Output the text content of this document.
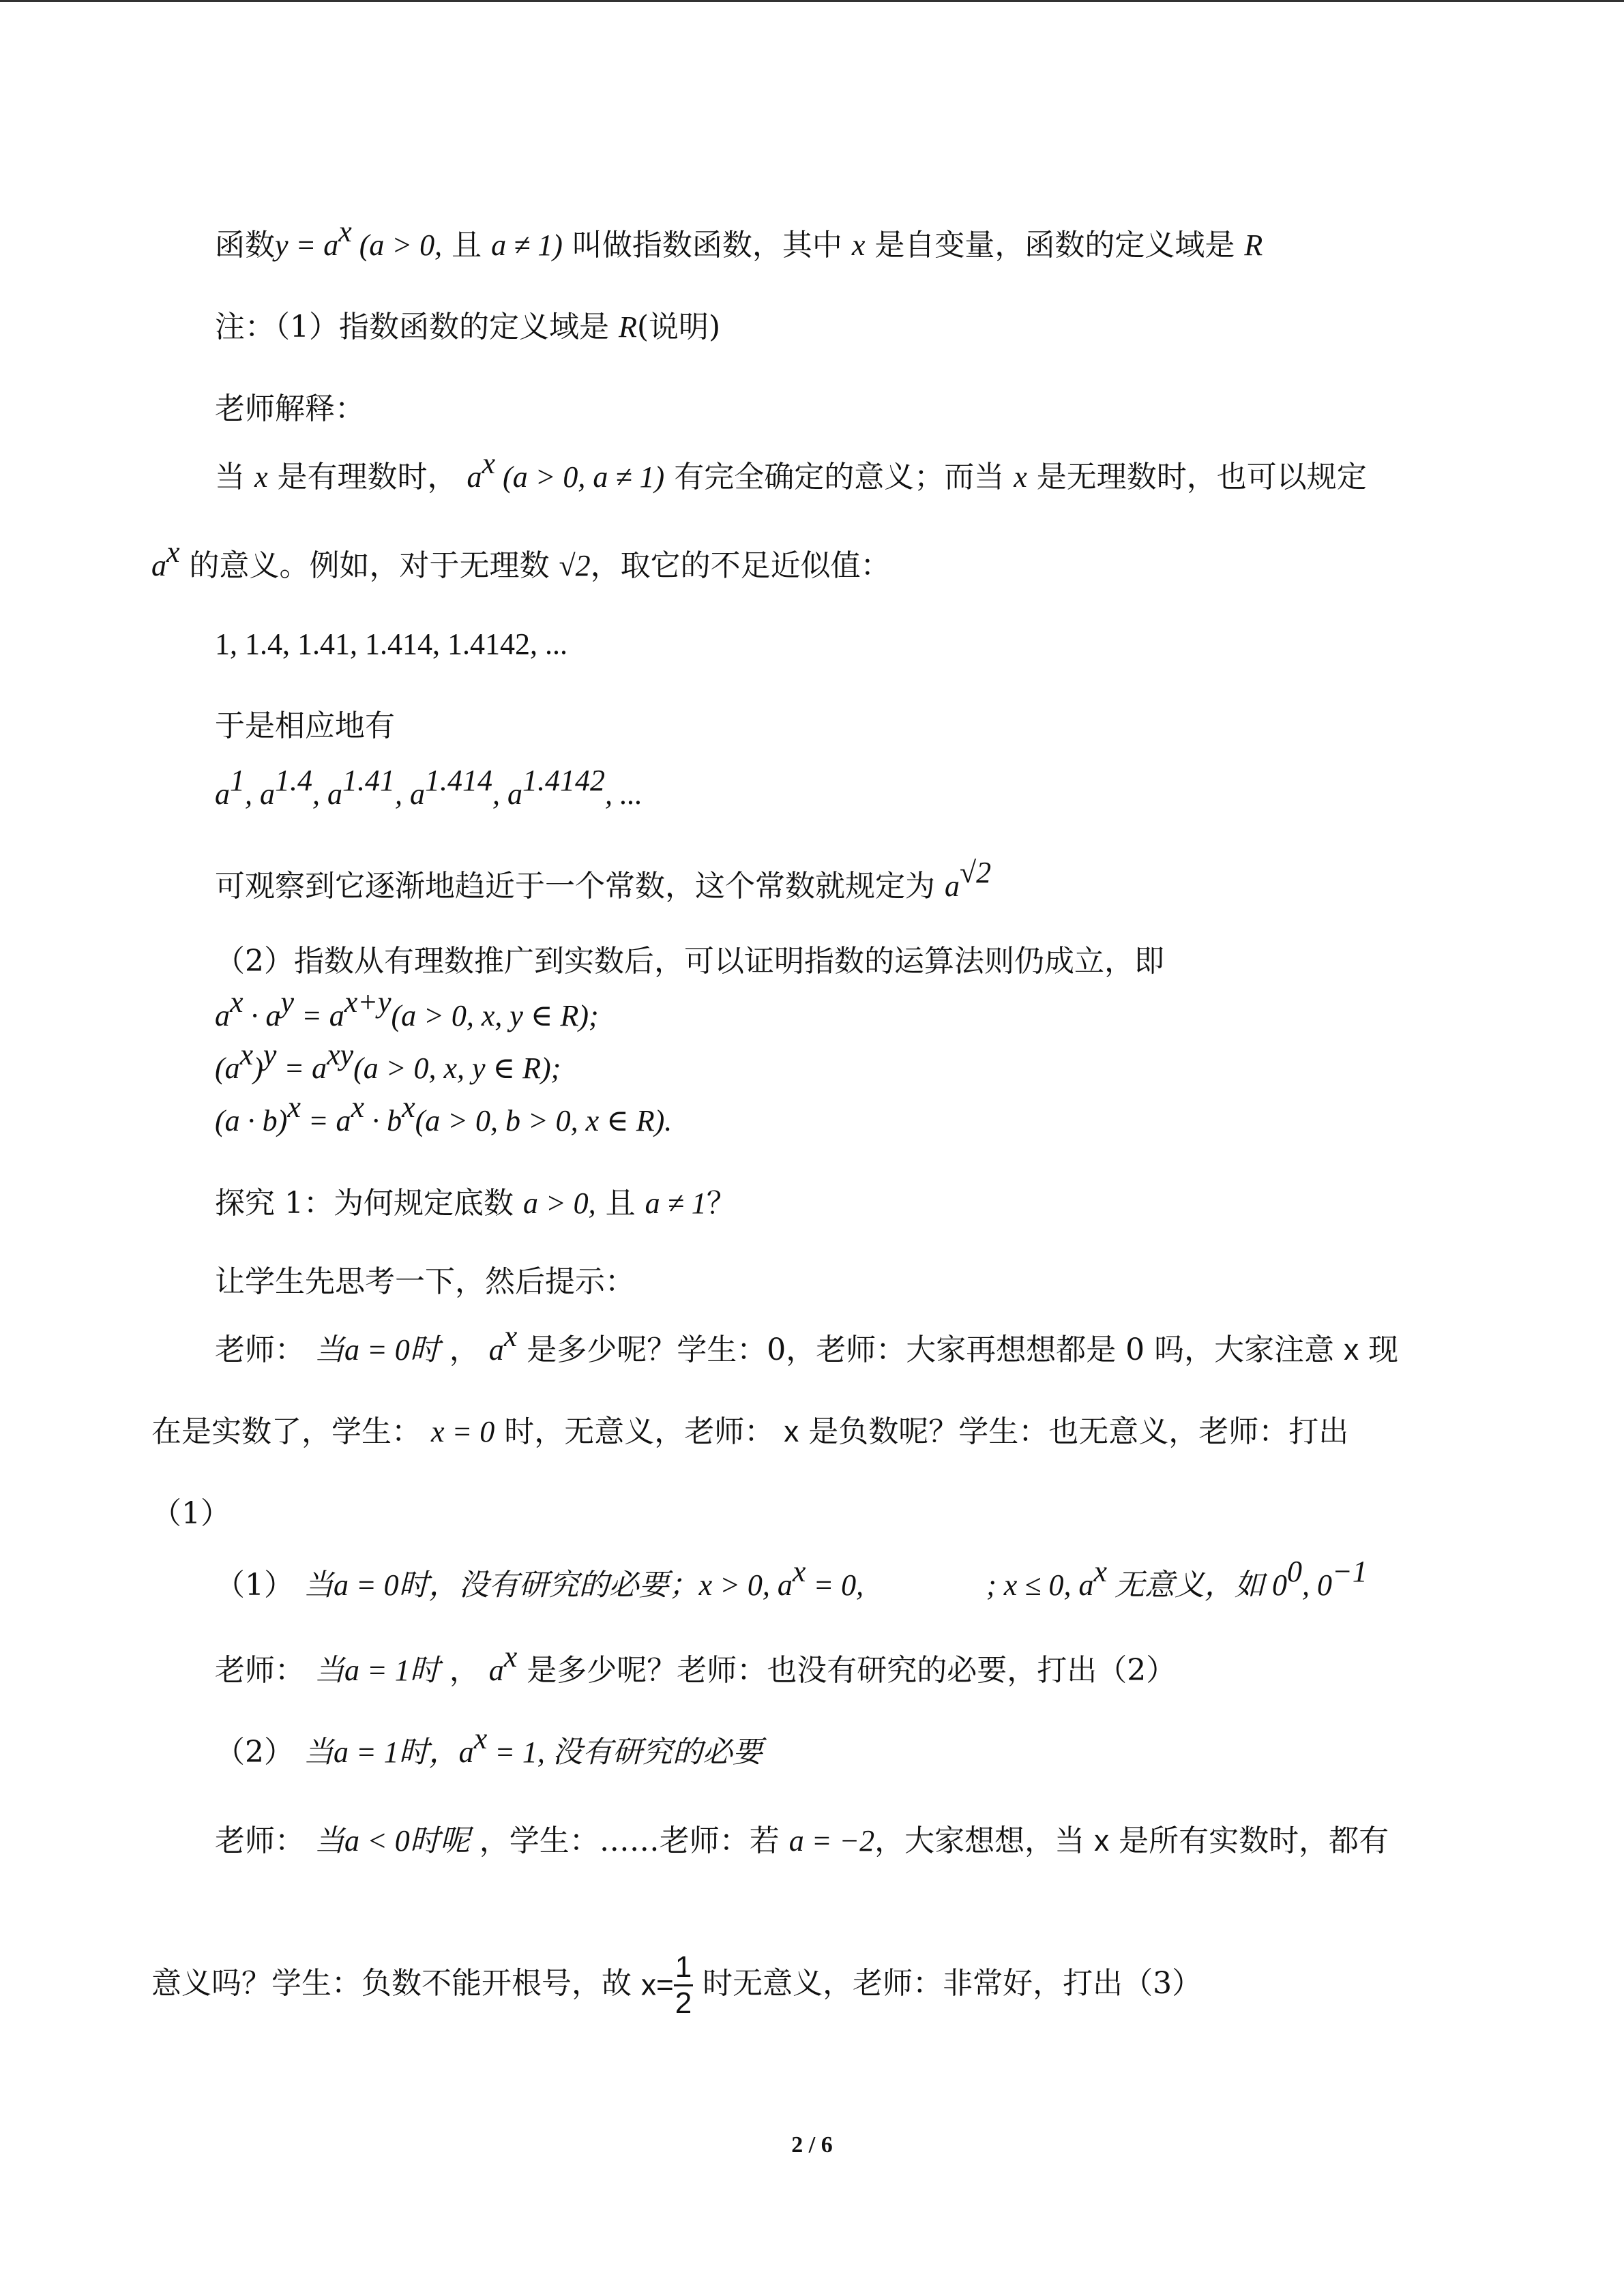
函数$y = a^x$ (a > 0, 且 a ≠ 1) 叫做指数函数，其中 x 是自变量，函数的定义域是 R
注：（1）指数函数的定义域是 R(说明)
老师解释：
当 x 是有理数时， $a^x$ (a > 0, a ≠ 1) 有完全确定的意义；而当 x 是无理数时，也可以规定
$a^x$ 的意义。例如，对于无理数 √2，取它的不足近似值：
1, 1.4, 1.41, 1.414, 1.4142, ...
于是相应地有
$a^1$, $a^{1.4}$, $a^{1.41}$, $a^{1.414}$, $a^{1.4142}$, ...
可观察到它逐渐地趋近于一个常数，这个常数就规定为 $a^{√2}$
（2）指数从有理数推广到实数后，可以证明指数的运算法则仍成立，即
$a^x \cdot a^y = a^{x+y}(a > 0$, x, y ∈ R);
$(a^x)^y = a^{xy}(a > 0$, x, y ∈ R);
$(a \cdot b)^x = a^x \cdot b^x(a > 0$, b > 0, x ∈ R).
探究 1：为何规定底数 a > 0, 且 a ≠ 1？
让学生先思考一下，然后提示：
老师： 当a = 0时 ， $a^x$ 是多少呢？学生：0，老师：大家再想想都是 0 吗，大家注意 x 现
在是实数了，学生： x = 0 时，无意义，老师： x 是负数呢？学生：也无意义，老师：打出
（1）
（1） 当a = 0时，没有研究的必要；x > 0, $a^x = 0$,	; x ≤ 0, $a^x$ 无意义，如 $0^0$, $0^{-1}$
老师： 当a = 1时 ， $a^x$ 是多少呢？老师：也没有研究的必要，打出（2）
（2） 当a = 1时，$a^x = 1$, 没有研究的必要
老师： 当a < 0时呢 ，学生：……老师：若 a = −2，大家想想，当 x 是所有实数时，都有
意义吗？学生：负数不能开根号，故 $x= \frac{1}{2}$ 时无意义，老师：非常好，打出（3）
2 / 6
